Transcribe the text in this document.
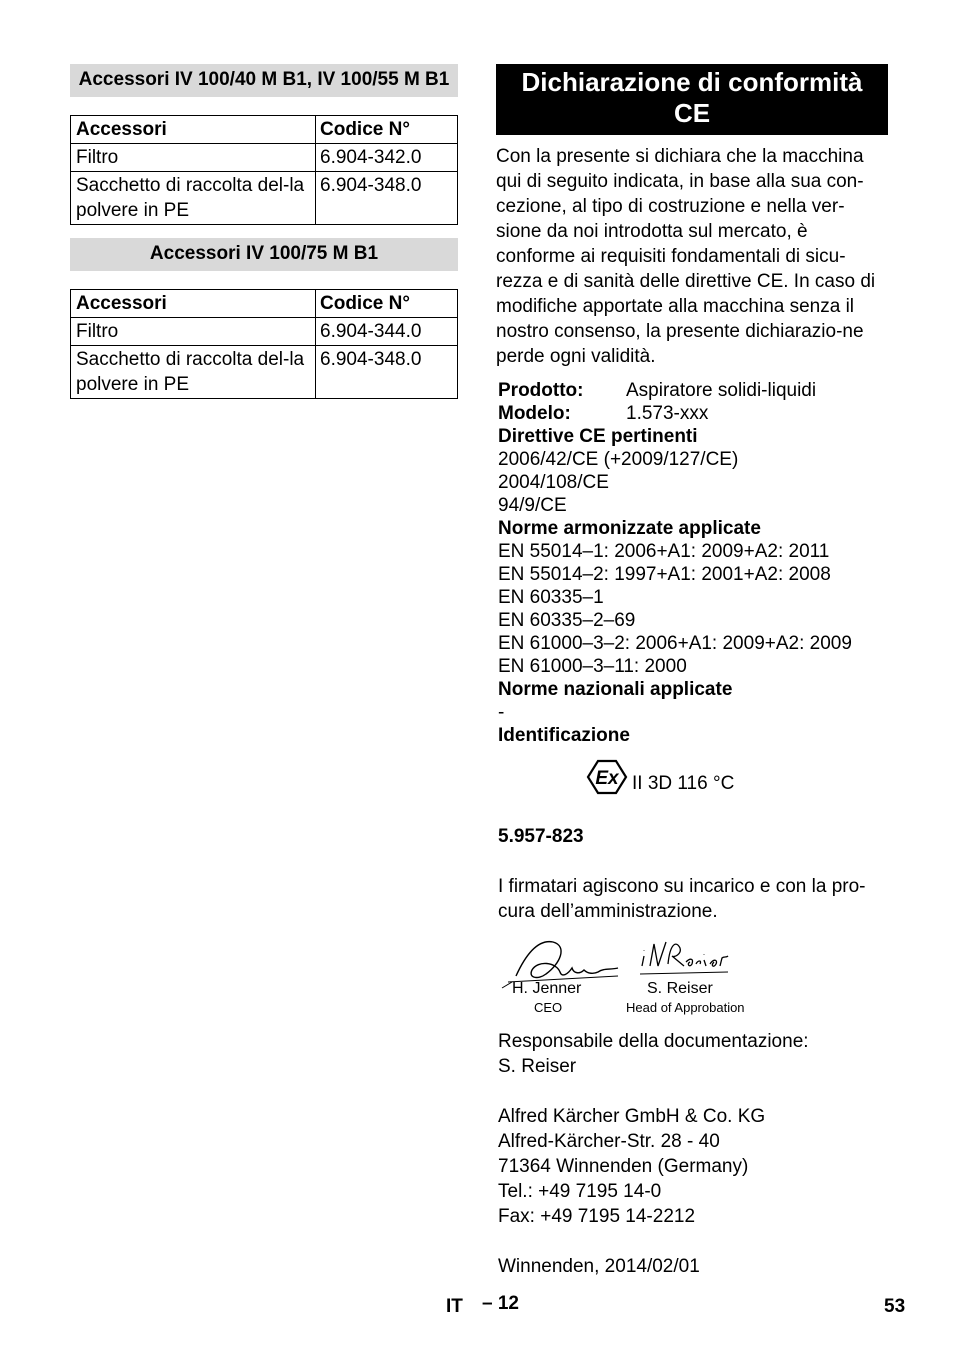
Accessori IV 100/40 M B1, IV 100/55 M B1
Accessori	Codice N°
Filtro	6.904-342.0
Sacchetto di raccolta del-la polvere in PE	6.904-348.0
Accessori IV 100/75 M B1
Accessori	Codice N°
Filtro	6.904-344.0
Sacchetto di raccolta del-la polvere in PE	6.904-348.0
Dichiarazione di conformità CE

Con la presente si dichiara che la macchina qui di seguito indicata, in base alla sua con-cezione, al tipo di costruzione e nella ver-sione da noi introdotta sul mercato, è conforme ai requisiti fondamentali di sicu-rezza e di sanità delle direttive CE. In caso di modifiche apportate alla macchina senza il nostro consenso, la presente dichiarazio-ne perde ogni validità.

Prodotto:	Aspiratore solidi-liquidi
Modelo:	1.573-xxx
Direttive CE pertinenti
2006/42/CE (+2009/127/CE)
2004/108/CE
94/9/CE
Norme armonizzate applicate
EN 55014–1: 2006+A1: 2009+A2: 2011
EN 55014–2: 1997+A1: 2001+A2: 2008
EN 60335–1
EN 60335–2–69
EN 61000–3–2: 2006+A1: 2009+A2: 2009
EN 61000–3–11: 2000
Norme nazionali applicate
-
Identificazione
Ex II 3D 116 °C
5.957-823

I firmatari agiscono su incarico e con la pro-cura dell’amministrazione.

H. Jenner
CEO
S. Reiser
Head of Approbation
Responsabile della documentazione:
S. Reiser
Alfred Kärcher GmbH & Co. KG
Alfred-Kärcher-Str. 28 - 40
71364 Winnenden (Germany)
Tel.: +49 7195 14-0
Fax: +49 7195 14-2212
Winnenden, 2014/02/01
IT – 12	53
